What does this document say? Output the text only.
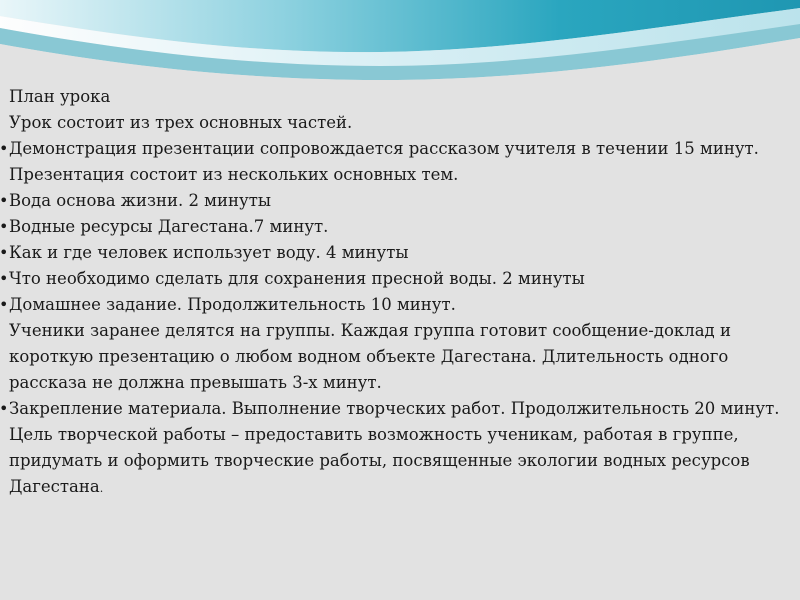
План урока

Урок состоит из трех основных частей.

Демонстрация презентации сопровождается рассказом учителя в течении 15 минут.

Презентация состоит из нескольких основных тем.

Вода основа жизни. 2 минуты

Водные ресурсы Дагестана.7 минут.

Как и где человек использует воду. 4 минуты

Что необходимо сделать для сохранения пресной воды. 2 минуты

Домашнее задание. Продолжительность 10 минут.

Ученики заранее делятся на группы. Каждая группа готовит сообщение-доклад и короткую презентацию о любом водном объекте Дагестана. Длительность одного рассказа не должна превышать 3-х минут.

Закрепление материала. Выполнение творческих работ. Продолжительность 20 минут.

Цель творческой работы – предоставить возможность ученикам, работая в группе, придумать и оформить творческие работы, посвященные экологии водных ресурсов Дагестана.
